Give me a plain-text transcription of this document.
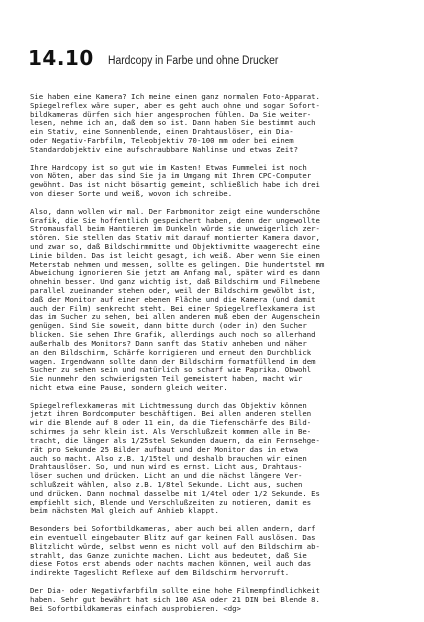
14.10 Hardcopy in Farbe und ohne Drucker
Sie haben eine Kamera? Ich meine einen ganz normalen Foto-Apparat.
Spiegelreflex wäre super, aber es geht auch ohne und sogar Sofort-
bildkameras dürfen sich hier angesprochen fühlen. Da Sie weiter-
lesen, nehme ich an, daß dem so ist. Dann haben Sie bestimmt auch
ein Stativ, eine Sonnenblende, einen Drahtauslöser, ein Dia-
oder Negativ-Farbfilm, Teleobjektiv 70-100 mm oder bei einem
Standardobjektiv eine aufschraubbare Nahlinse und etwas Zeit?
Ihre Hardcopy ist so gut wie im Kasten! Etwas Fummelei ist noch
von Nöten, aber das sind Sie ja im Umgang mit Ihrem CPC-Computer
gewöhnt. Das ist nicht bösartig gemeint, schließlich habe ich drei
von dieser Sorte und weiß, wovon ich schreibe.
Also, dann wollen wir mal. Der Farbmonitor zeigt eine wunderschöne
Grafik, die Sie hoffentlich gespeichert haben, denn der ungewollte
Stromausfall beim Hantieren im Dunkeln würde sie unweigerlich zer-
stören. Sie stellen das Stativ mit darauf montierter Kamera davor,
und zwar so, daß Bildschirmmitte und Objektivmitte waagerecht eine
Linie bilden. Das ist leicht gesagt, ich weiß. Aber wenn Sie einen
Meterstab nehmen und messen, sollte es gelingen. Die hundertstel mm
Abweichung ignorieren Sie jetzt am Anfang mal, später wird es dann
ohnehin besser. Und ganz wichtig ist, daß Bildschirm und Filmebene
parallel zueinander stehen oder, weil der Bildschirm gewölbt ist,
daß der Monitor auf einer ebenen Fläche und die Kamera (und damit
auch der Film) senkrecht steht. Bei einer Spiegelreflexkamera ist
das im Sucher zu sehen, bei allen anderen muß eben der Augenschein
genügen. Sind Sie soweit, dann bitte durch (oder in) den Sucher
blicken. Sie sehen Ihre Grafik, allerdings auch noch so allerhand
außerhalb des Monitors? Dann sanft das Stativ anheben und näher
an den Bildschirm, Schärfe korrigieren und erneut den Durchblick
wagen. Irgendwann sollte dann der Bildschirm formatfüllend im dem
Sucher zu sehen sein und natürlich so scharf wie Paprika. Obwohl
Sie nunmehr den schwierigsten Teil gemeistert haben, macht wir
nicht etwa eine Pause, sondern gleich weiter.
Spiegelreflexkameras mit Lichtmessung durch das Objektiv können
jetzt ihren Bordcomputer beschäftigen. Bei allen anderen stellen
wir die Blende auf 8 oder 11 ein, da die Tiefenschärfe des Bild-
schirmes ja sehr klein ist. Als Verschlußzeit kommen alle in Be-
tracht, die länger als 1/25stel Sekunden dauern, da ein Fernsehge-
rät pro Sekunde 25 Bilder aufbaut und der Monitor das in etwa
auch so macht. Also z.B. 1/15tel und deshalb brauchen wir einen
Drahtauslöser. So, und nun wird es ernst. Licht aus, Drahtaus-
löser suchen und drücken. Licht an und die nächst längere Ver-
schlußzeit wählen, also z.B. 1/8tel Sekunde. Licht aus, suchen
und drücken. Dann nochmal dasselbe mit 1/4tel oder 1/2 Sekunde. Es
empfiehlt sich, Blende und Verschlußzeiten zu notieren, damit es
beim nächsten Mal gleich auf Anhieb klappt.
Besonders bei Sofortbildkameras, aber auch bei allen andern, darf
ein eventuell eingebauter Blitz auf gar keinen Fall auslösen. Das
Blitzlicht würde, selbst wenn es nicht voll auf den Bildschirm ab-
strahlt, das Ganze zunichte machen. Licht aus bedeutet, daß Sie
diese Fotos erst abends oder nachts machen können, weil auch das
indirekte Tageslicht Reflexe auf dem Bildschirm hervorruft.
Der Dia- oder Negativfarbfilm sollte eine hohe Filmempfindlichkeit
haben. Sehr gut bewährt hat sich 100 ASA oder 21 DIN bei Blende 8.
Bei Sofortbildkameras einfach ausprobieren. <dg>
